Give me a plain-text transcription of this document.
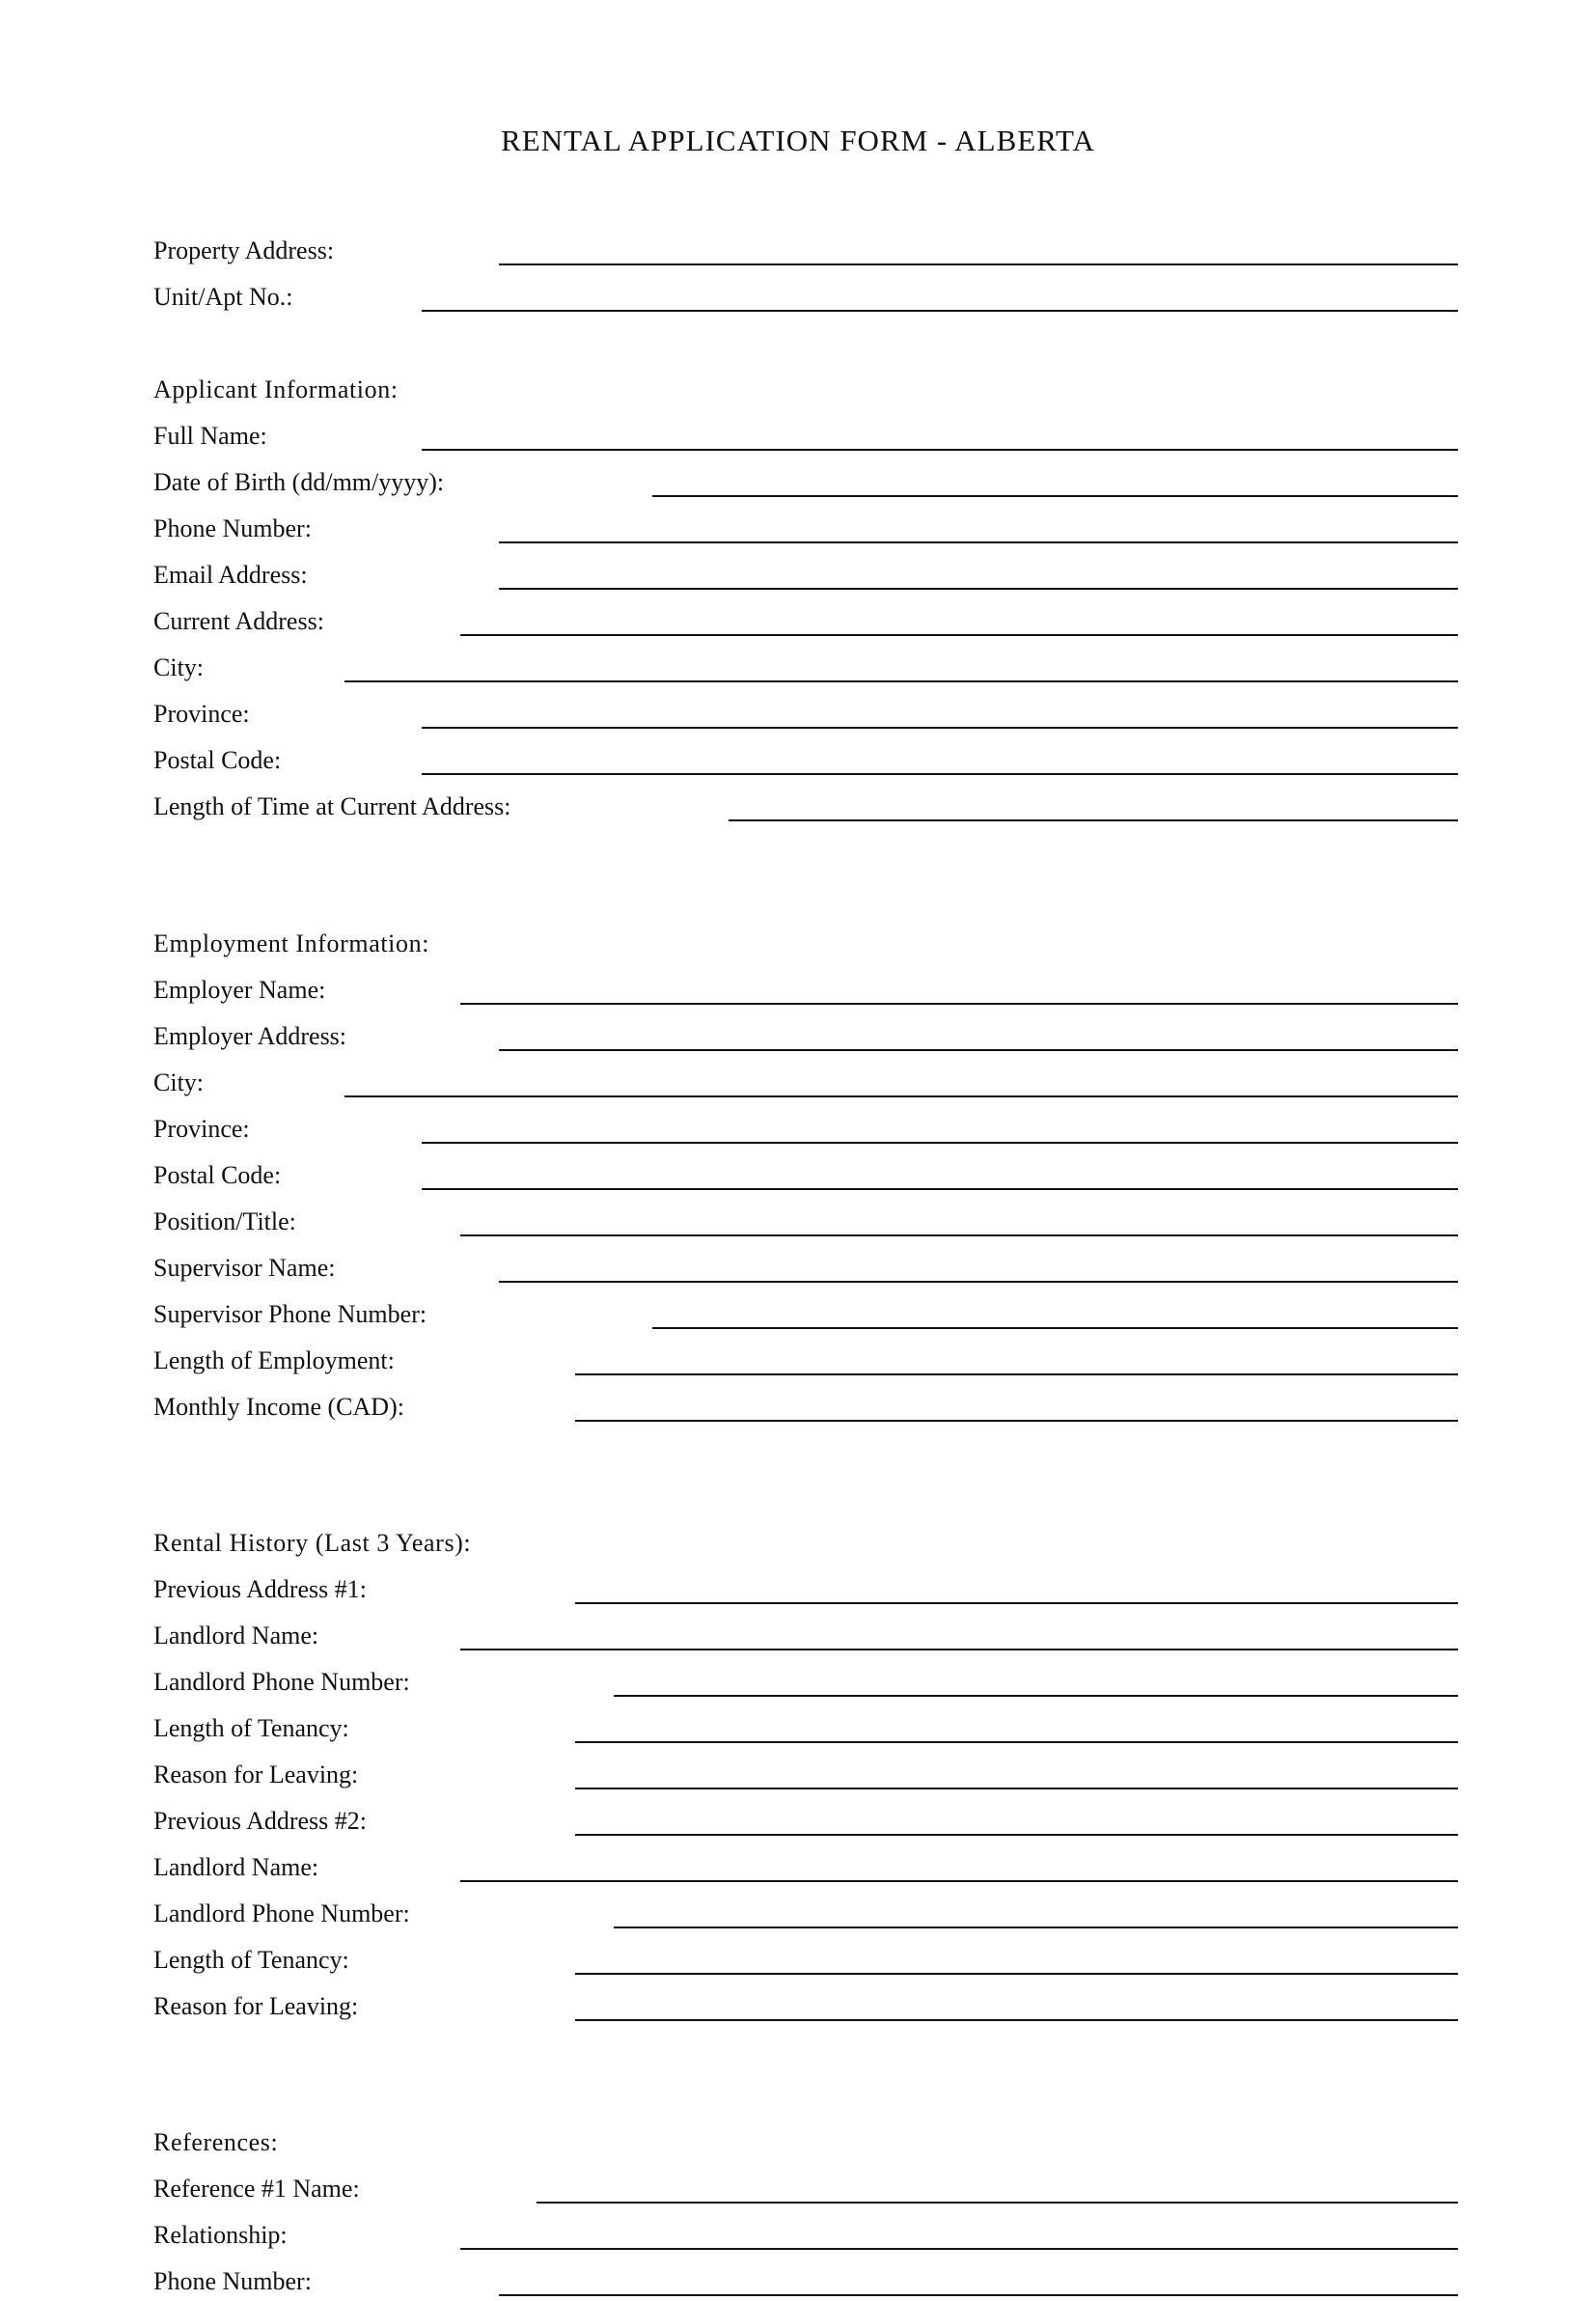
RENTAL APPLICATION FORM - ALBERTA
Property Address:
Unit/Apt No.:
Applicant Information:
Full Name:
Date of Birth (dd/mm/yyyy):
Phone Number:
Email Address:
Current Address:
City:
Province:
Postal Code:
Length of Time at Current Address:
Employment Information:
Employer Name:
Employer Address:
City:
Province:
Postal Code:
Position/Title:
Supervisor Name:
Supervisor Phone Number:
Length of Employment:
Monthly Income (CAD):
Rental History (Last 3 Years):
Previous Address #1:
Landlord Name:
Landlord Phone Number:
Length of Tenancy:
Reason for Leaving:
Previous Address #2:
Landlord Name:
Landlord Phone Number:
Length of Tenancy:
Reason for Leaving:
References:
Reference #1 Name:
Relationship:
Phone Number:
